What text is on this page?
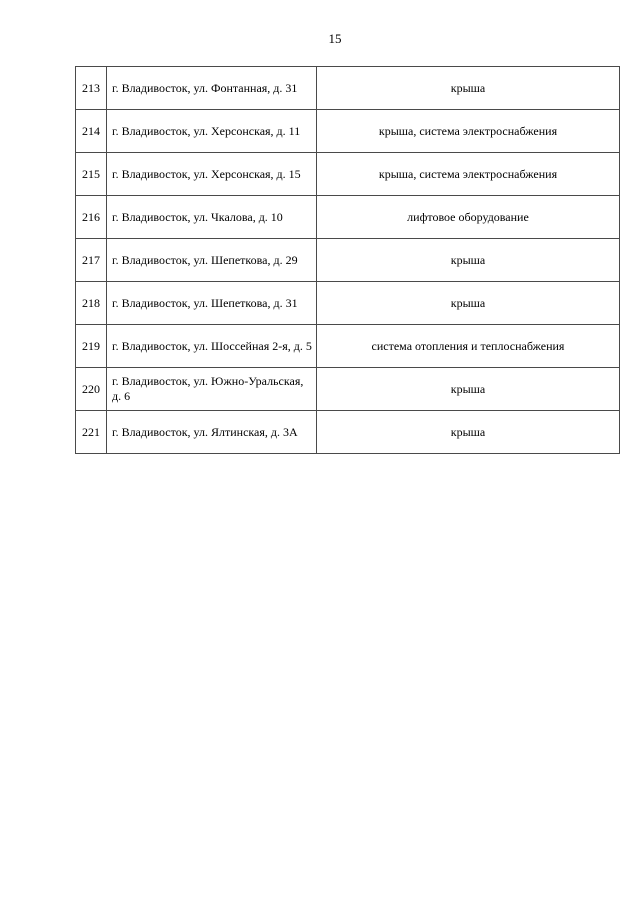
15
213	г. Владивосток, ул. Фонтанная, д. 31	крыша
214	г. Владивосток, ул. Херсонская, д. 11	крыша, система электроснабжения
215	г. Владивосток, ул. Херсонская, д. 15	крыша, система электроснабжения
216	г. Владивосток, ул. Чкалова, д. 10	лифтовое оборудование
217	г. Владивосток, ул. Шепеткова, д. 29	крыша
218	г. Владивосток, ул. Шепеткова, д. 31	крыша
219	г. Владивосток, ул. Шоссейная 2-я, д. 5	система отопления и теплоснабжения
220	г. Владивосток, ул. Южно-Уральская, д. 6	крыша
221	г. Владивосток, ул. Ялтинская, д. 3А	крыша
